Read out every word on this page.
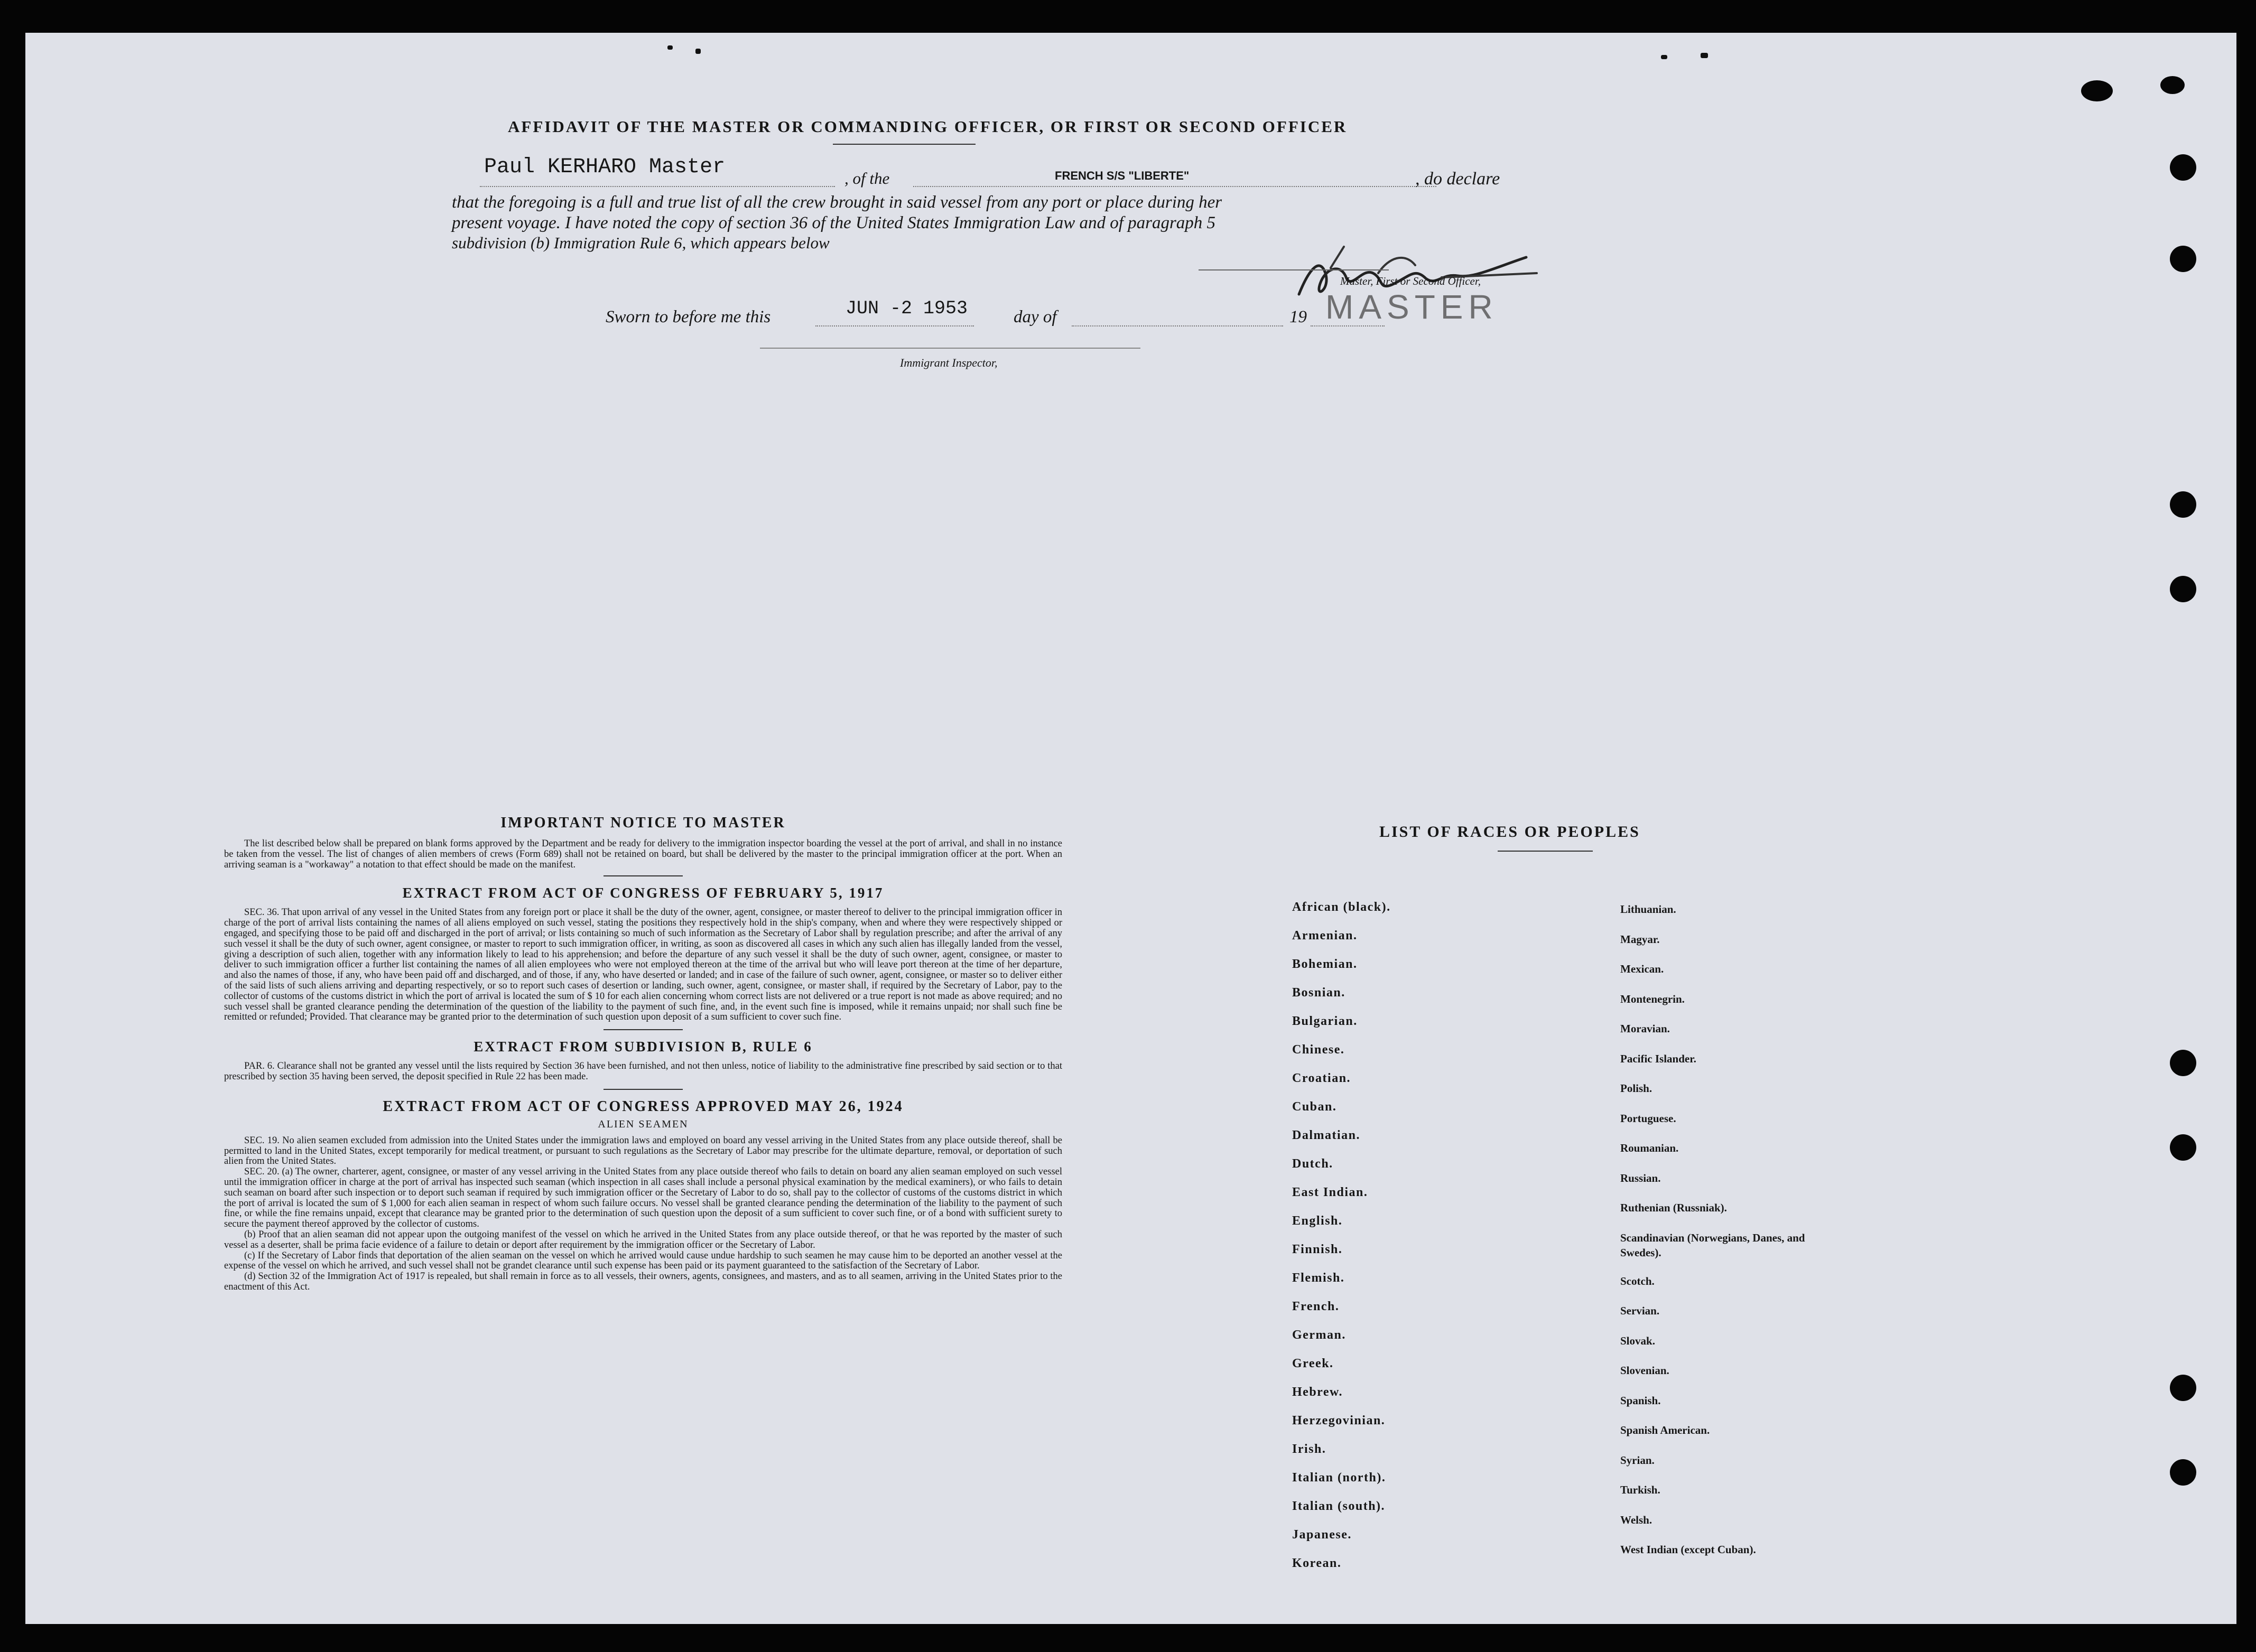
AFFIDAVIT OF THE MASTER OR COMMANDING OFFICER, OR FIRST OR SECOND OFFICER
Paul KERHARO Master	, of the	FRENCH S/S "LIBERTE"	, do declare
that the foregoing is a full and true list of all the crew brought in said vessel from any port or place during her
present voyage. I have noted the copy of section 36 of the United States Immigration Law and of paragraph 5
subdivision (b) Immigration Rule 6, which appears below
MASTER
Master, First or Second Officer,
Sworn to before me this	JUN -2 1953	day of	19
Immigrant Inspector,
IMPORTANT NOTICE TO MASTER

The list described below shall be prepared on blank forms approved by the Department and be ready for delivery to the immigration inspector boarding the vessel at the port of arrival, and shall in no instance be taken from the vessel. The list of changes of alien members of crews (Form 689) shall not be retained on board, but shall be delivered by the master to the principal immigration officer at the port. When an arriving seaman is a "workaway" a notation to that effect should be made on the manifest.

EXTRACT FROM ACT OF CONGRESS OF FEBRUARY 5, 1917

SEC. 36. That upon arrival of any vessel in the United States from any foreign port or place it shall be the duty of the owner, agent, consignee, or master thereof to deliver to the principal immigration officer in charge of the port of arrival lists containing the names of all aliens employed on such vessel, stating the positions they respectively hold in the ship's company, when and where they were respectively shipped or engaged, and specifying those to be paid off and discharged in the port of arrival; or lists containing so much of such information as the Secretary of Labor shall by regulation prescribe; and after the arrival of any such vessel it shall be the duty of such owner, agent consignee, or master to report to such immigration officer, in writing, as soon as discovered all cases in which any such alien has illegally landed from the vessel, giving a description of such alien, together with any information likely to lead to his apprehension; and before the departure of any such vessel it shall be the duty of such owner, agent, consignee, or master to deliver to such immigration officer a further list containing the names of all alien employees who were not employed thereon at the time of the arrival but who will leave port thereon at the time of her departure, and also the names of those, if any, who have been paid off and discharged, and of those, if any, who have deserted or landed; and in case of the failure of such owner, agent, consignee, or master so to deliver either of the said lists of such aliens arriving and departing respectively, or so to report such cases of desertion or landing, such owner, agent, consignee, or master shall, if required by the Secretary of Labor, pay to the collector of customs of the customs district in which the port of arrival is located the sum of $ 10 for each alien concerning whom correct lists are not delivered or a true report is not made as above required; and no such vessel shall be granted clearance pending the determination of the question of the liability to the payment of such fine, and, in the event such fine is imposed, while it remains unpaid; nor shall such fine be remitted or refunded; Provided. That clearance may be granted prior to the determination of such question upon deposit of a sum sufficient to cover such fine.

EXTRACT FROM SUBDIVISION B, RULE 6

PAR. 6. Clearance shall not be granted any vessel until the lists required by Section 36 have been furnished, and not then unless, notice of liability to the administrative fine prescribed by said section or to that prescribed by section 35 having been served, the deposit specified in Rule 22 has been made.

EXTRACT FROM ACT OF CONGRESS APPROVED MAY 26, 1924
ALIEN SEAMEN

SEC. 19. No alien seamen excluded from admission into the United States under the immigration laws and employed on board any vessel arriving in the United States from any place outside thereof, shall be permitted to land in the United States, except temporarily for medical treatment, or pursuant to such regulations as the Secretary of Labor may prescribe for the ultimate departure, removal, or deportation of such alien from the United States.

SEC. 20. (a) The owner, charterer, agent, consignee, or master of any vessel arriving in the United States from any place outside thereof who fails to detain on board any alien seaman employed on such vessel until the immigration officer in charge at the port of arrival has inspected such seaman (which inspection in all cases shall include a personal physical examination by the medical examiners), or who fails to detain such seaman on board after such inspection or to deport such seaman if required by such immigration officer or the Secretary of Labor to do so, shall pay to the collector of customs of the customs district in which the port of arrival is located the sum of $ 1,000 for each alien seaman in respect of whom such failure occurs. No vessel shall be granted clearance pending the determination of the liability to the payment of such fine, or while the fine remains unpaid, except that clearance may be granted prior to the determination of such question upon the deposit of a sum sufficient to cover such fine, or of a bond with sufficient surety to secure the payment thereof approved by the collector of customs.

(b) Proof that an alien seaman did not appear upon the outgoing manifest of the vessel on which he arrived in the United States from any place outside thereof, or that he was reported by the master of such vessel as a deserter, shall be prima facie evidence of a failure to detain or deport after requirement by the immigration officer or the Secretary of Labor.

(c) If the Secretary of Labor finds that deportation of the alien seaman on the vessel on which he arrived would cause undue hardship to such seamen he may cause him to be deported an another vessel at the expense of the vessel on which he arrived, and such vessel shall not be grandet clearance until such expense has been paid or its payment guaranteed to the satisfaction of the Secretary of Labor.

(d) Section 32 of the Immigration Act of 1917 is repealed, but shall remain in force as to all vessels, their owners, agents, consignees, and masters, and as to all seamen, arriving in the United States prior to the enactment of this Act.

LIST OF RACES OR PEOPLES
African (black).
Armenian.
Bohemian.
Bosnian.
Bulgarian.
Chinese.
Croatian.
Cuban.
Dalmatian.
Dutch.
East Indian.
English.
Finnish.
Flemish.
French.
German.
Greek.
Hebrew.
Herzegovinian.
Irish.
Italian (north).
Italian (south).
Japanese.
Korean.
Lithuanian.
Magyar.
Mexican.
Montenegrin.
Moravian.
Pacific Islander.
Polish.
Portuguese.
Roumanian.
Russian.
Ruthenian (Russniak).
Scandinavian (Norwegians, Danes, and Swedes).
Scotch.
Servian.
Slovak.
Slovenian.
Spanish.
Spanish American.
Syrian.
Turkish.
Welsh.
West Indian (except Cuban).
